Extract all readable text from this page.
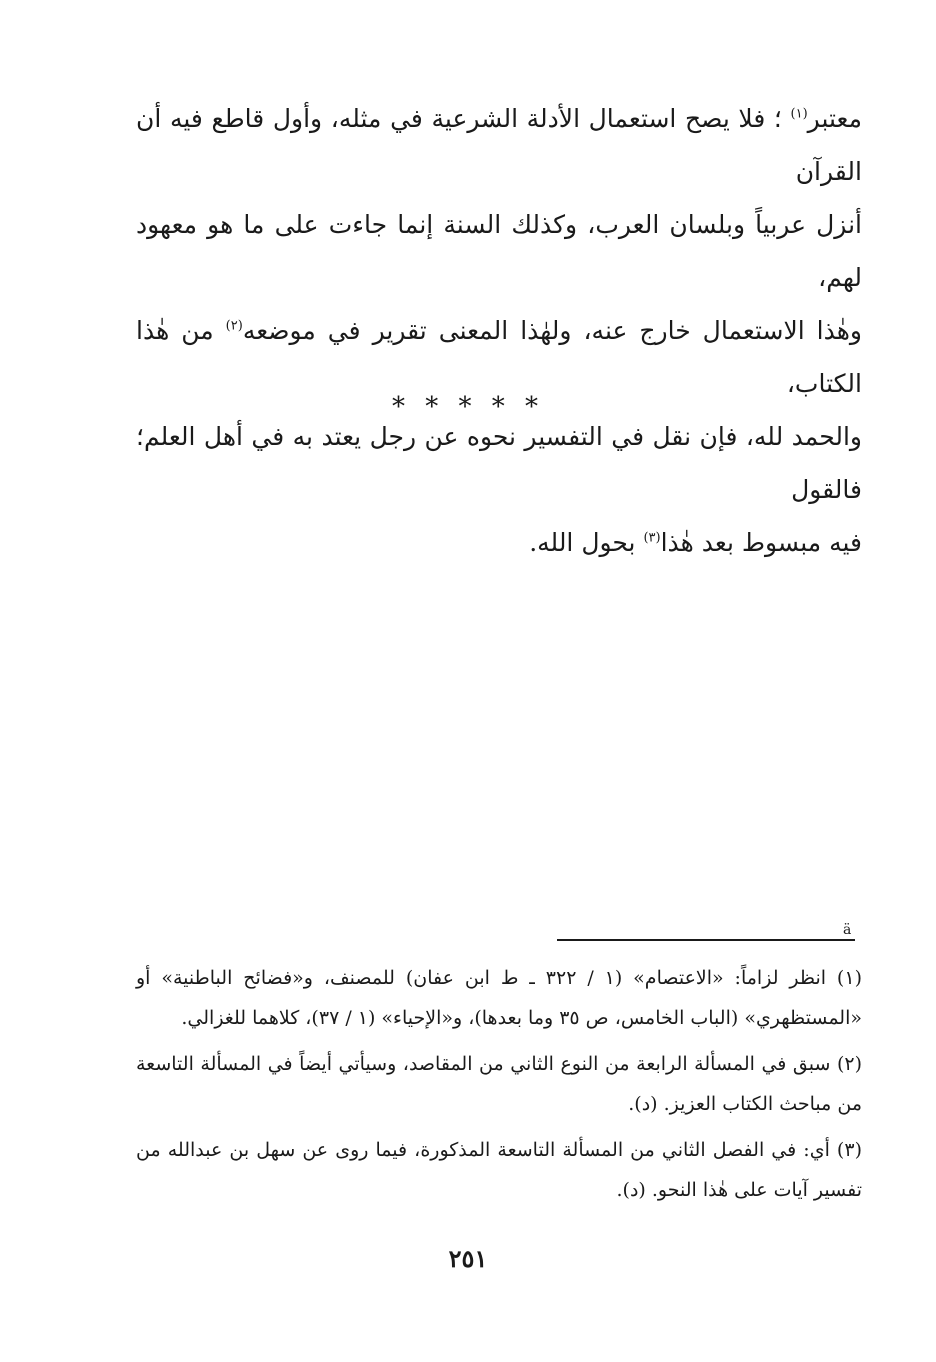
معتبر$^{(١)}$ ؛ فلا يصح استعمال الأدلة الشرعية في مثله، وأول قاطع فيه أن القرآن

أنزل عربياً وبلسان العرب، وكذلك السنة إنما جاءت على ما هو معهود لهم،

وهٰذا الاستعمال خارج عنه، ولهٰذا المعنى تقرير في موضعه$^{(٢)}$ من هٰذا الكتاب،

والحمد لله، فإن نقل في التفسير نحوه عن رجل يعتد به في أهل العلم؛ فالقول

فيه مبسوط بعد هٰذا$^{(٣)}$ بحول الله.

* * * * *
ä

(١) انظر لزاماً: «الاعتصام» (١ / ٣٢٢ ـ ط ابن عفان) للمصنف، و«فضائح الباطنية» أو «المستظهري» (الباب الخامس، ص ٣٥ وما بعدها)، و«الإحياء» (١ / ٣٧)، كلاهما للغزالي.

(٢) سبق في المسألة الرابعة من النوع الثاني من المقاصد، وسيأتي أيضاً في المسألة التاسعة من مباحث الكتاب العزيز. (د).

(٣) أي: في الفصل الثاني من المسألة التاسعة المذكورة، فيما روى عن سهل بن عبدالله من تفسير آيات على هٰذا النحو. (د).

٢٥١
